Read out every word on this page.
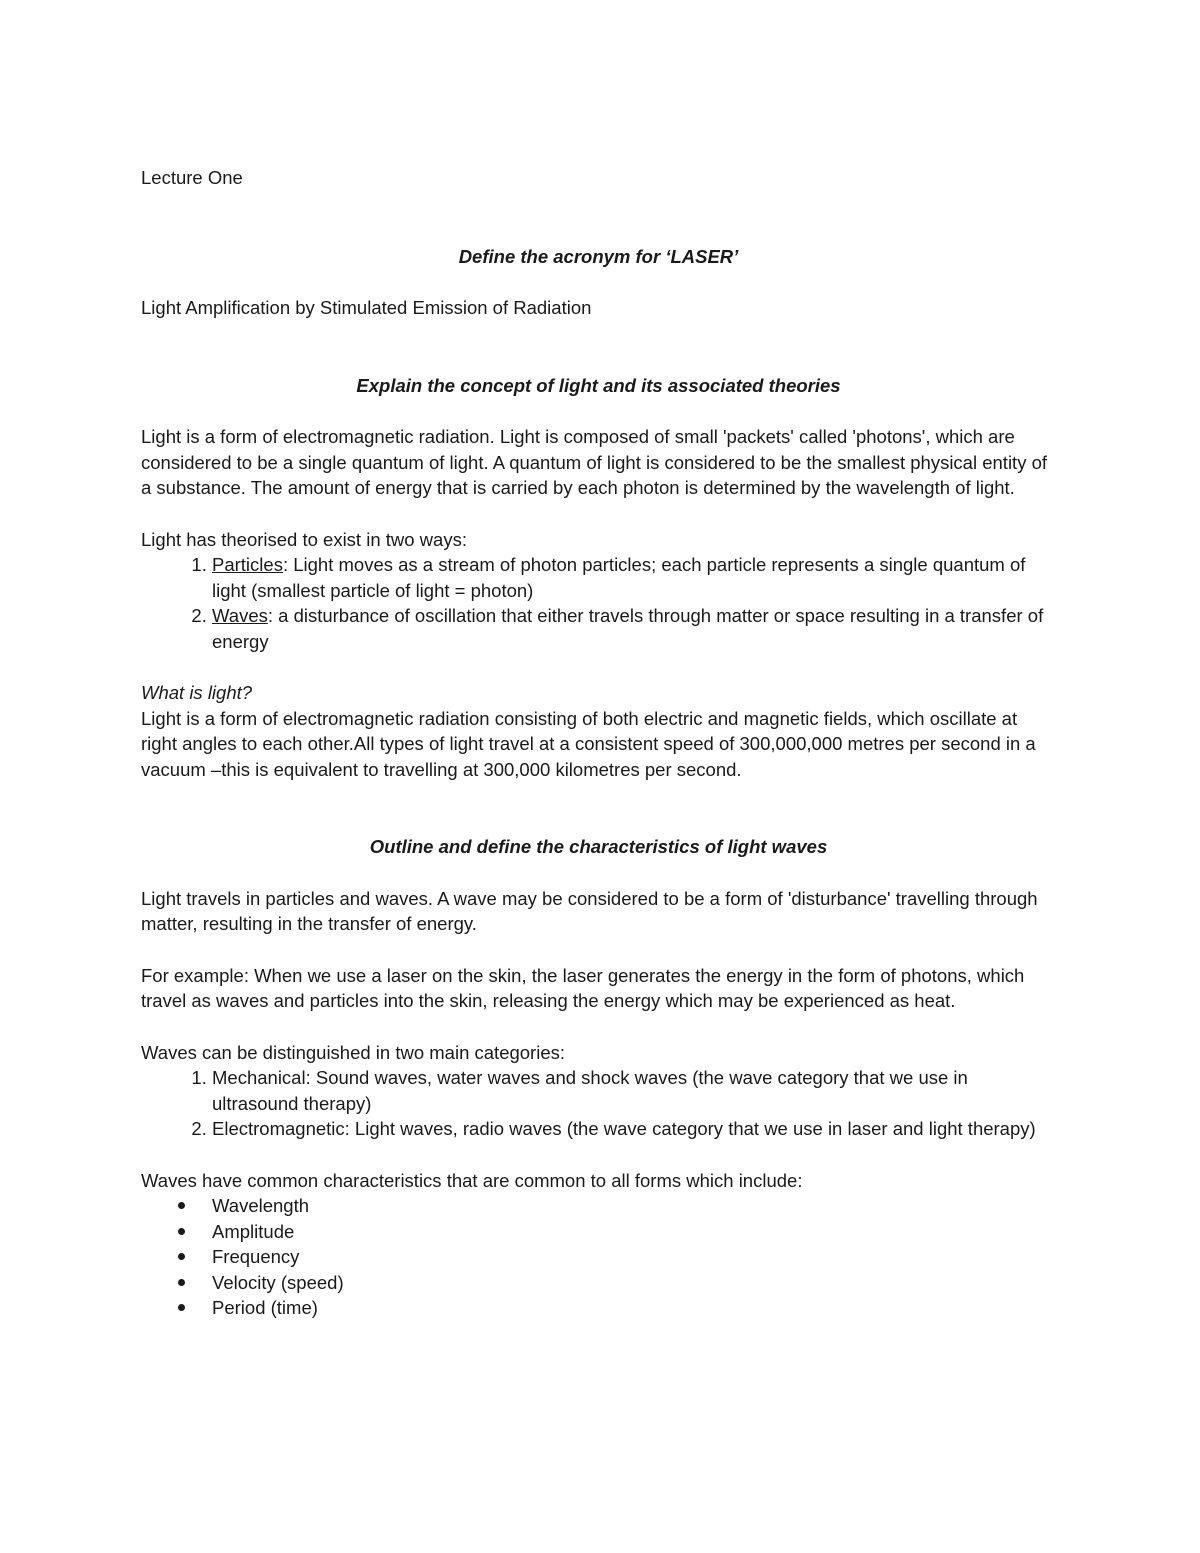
Lecture One

Define the acronym for ‘LASER’

Light Amplification by Stimulated Emission of Radiation

Explain the concept of light and its associated theories

Light is a form of electromagnetic radiation. Light is composed of small 'packets' called 'photons', which are considered to be a single quantum of light. A quantum of light is considered to be the smallest physical entity of a substance. The amount of energy that is carried by each photon is determined by the wavelength of light.

Light has theorised to exist in two ways:

1. Particles: Light moves as a stream of photon particles; each particle represents a single quantum of light (smallest particle of light = photon)
2. Waves: a disturbance of oscillation that either travels through matter or space resulting in a transfer of energy

What is light?

Light is a form of electromagnetic radiation consisting of both electric and magnetic fields, which oscillate at right angles to each other.All types of light travel at a consistent speed of 300,000,000 metres per second in a vacuum –this is equivalent to travelling at 300,000 kilometres per second.

Outline and define the characteristics of light waves

Light travels in particles and waves. A wave may be considered to be a form of 'disturbance' travelling through matter, resulting in the transfer of energy.

For example: When we use a laser on the skin, the laser generates the energy in the form of photons, which travel as waves and particles into the skin, releasing the energy which may be experienced as heat.

Waves can be distinguished in two main categories:

1. Mechanical: Sound waves, water waves and shock waves (the wave category that we use in ultrasound therapy)
2. Electromagnetic: Light waves, radio waves (the wave category that we use in laser and light therapy)

Waves have common characteristics that are common to all forms which include:

Wavelength
Amplitude
Frequency
Velocity (speed)
Period (time)
